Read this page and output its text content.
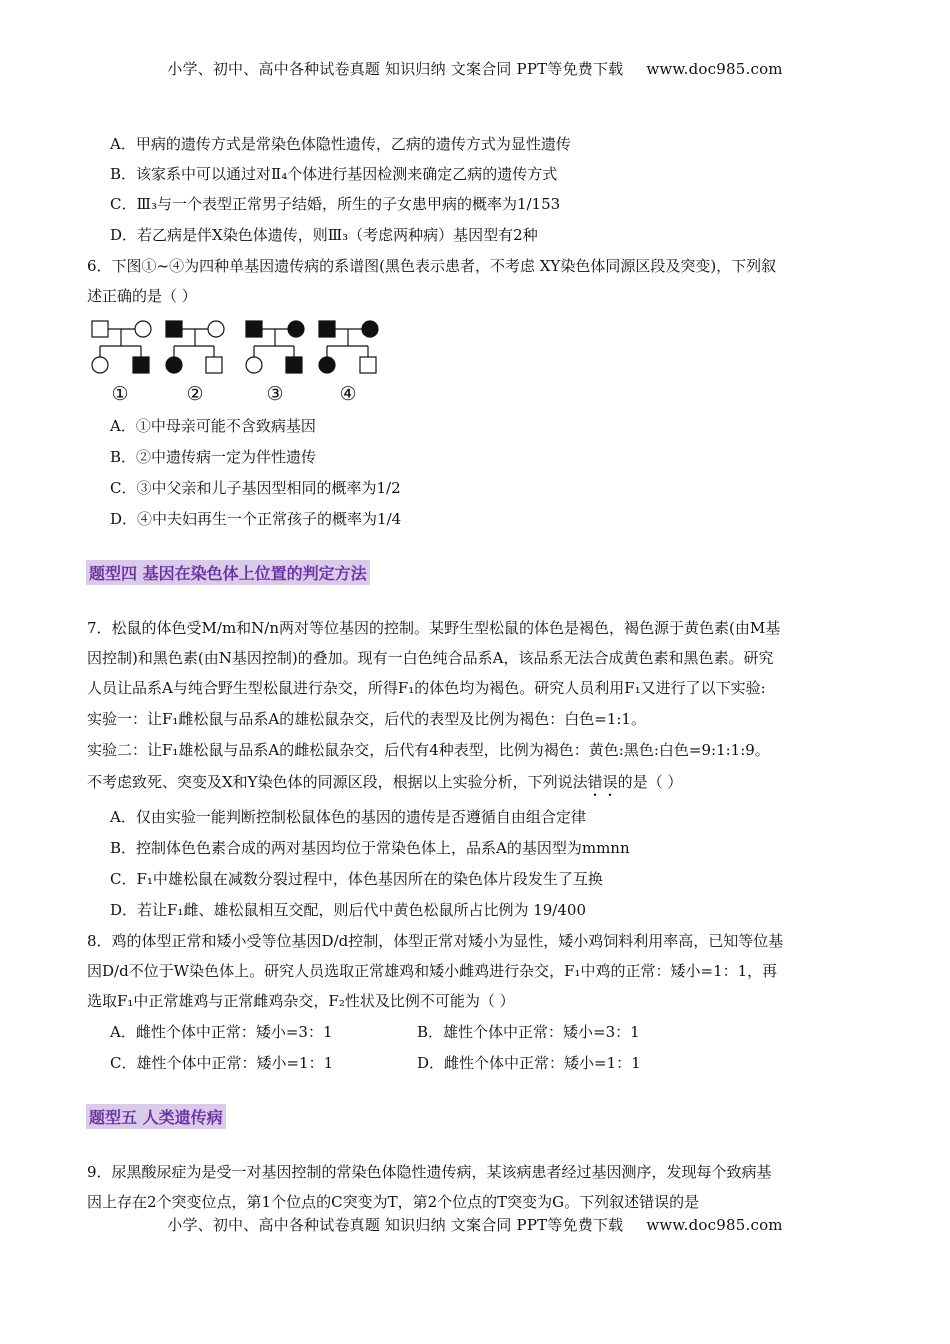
小学、初中、高中各种试卷真题 知识归纳 文案合同 PPT等免费下载 www.doc985.com
A．甲病的遗传方式是常染色体隐性遗传，乙病的遗传方式为显性遗传
B．该家系中可以通过对Ⅱ₄个体进行基因检测来确定乙病的遗传方式
C．Ⅲ₃与一个表型正常男子结婚，所生的子女患甲病的概率为1/153
D．若乙病是伴X染色体遗传，则Ⅲ₃（考虑两种病）基因型有2种
6．下图①~④为四种单基因遗传病的系谱图(黑色表示患者，不考虑 XY染色体同源区段及突变)，下列叙
述正确的是（ ）
①	②	③	④
A．①中母亲可能不含致病基因
B．②中遗传病一定为伴性遗传
C．③中父亲和儿子基因型相同的概率为1/2
D．④中夫妇再生一个正常孩子的概率为1/4
题型四 基因在染色体上位置的判定方法
7．松鼠的体色受M/m和N/n两对等位基因的控制。某野生型松鼠的体色是褐色，褐色源于黄色素(由M基
因控制)和黑色素(由N基因控制)的叠加。现有一白色纯合品系A，该品系无法合成黄色素和黑色素。研究
人员让品系A与纯合野生型松鼠进行杂交，所得F₁的体色均为褐色。研究人员利用F₁又进行了以下实验:
实验一：让F₁雌松鼠与品系A的雄松鼠杂交，后代的表型及比例为褐色：白色=1:1。
实验二：让F₁雄松鼠与品系A的雌松鼠杂交，后代有4种表型，比例为褐色：黄色:黑色:白色=9:1:1:9。
不考虑致死、突变及X和Y染色体的同源区段，根据以上实验分析，下列说法错误的是（ ）
A．仅由实验一能判断控制松鼠体色的基因的遗传是否遵循自由组合定律
B．控制体色色素合成的两对基因均位于常染色体上，品系A的基因型为mmnn
C．F₁中雄松鼠在减数分裂过程中，体色基因所在的染色体片段发生了互换
D．若让F₁雌、雄松鼠相互交配，则后代中黄色松鼠所占比例为 19/400
8．鸡的体型正常和矮小受等位基因D/d控制，体型正常对矮小为显性，矮小鸡饲料利用率高，已知等位基
因D/d不位于W染色体上。研究人员选取正常雄鸡和矮小雌鸡进行杂交，F₁中鸡的正常：矮小=1：1，再
选取F₁中正常雄鸡与正常雌鸡杂交，F₂性状及比例不可能为（ ）
A．雌性个体中正常：矮小=3：1	B．雄性个体中正常：矮小=3：1
C．雄性个体中正常：矮小=1：1	D．雌性个体中正常：矮小=1：1
题型五 人类遗传病
9．尿黑酸尿症为是受一对基因控制的常染色体隐性遗传病，某该病患者经过基因测序，发现每个致病基
因上存在2个突变位点，第1个位点的C突变为T，第2个位点的T突变为G。下列叙述错误的是
小学、初中、高中各种试卷真题 知识归纳 文案合同 PPT等免费下载 www.doc985.com
